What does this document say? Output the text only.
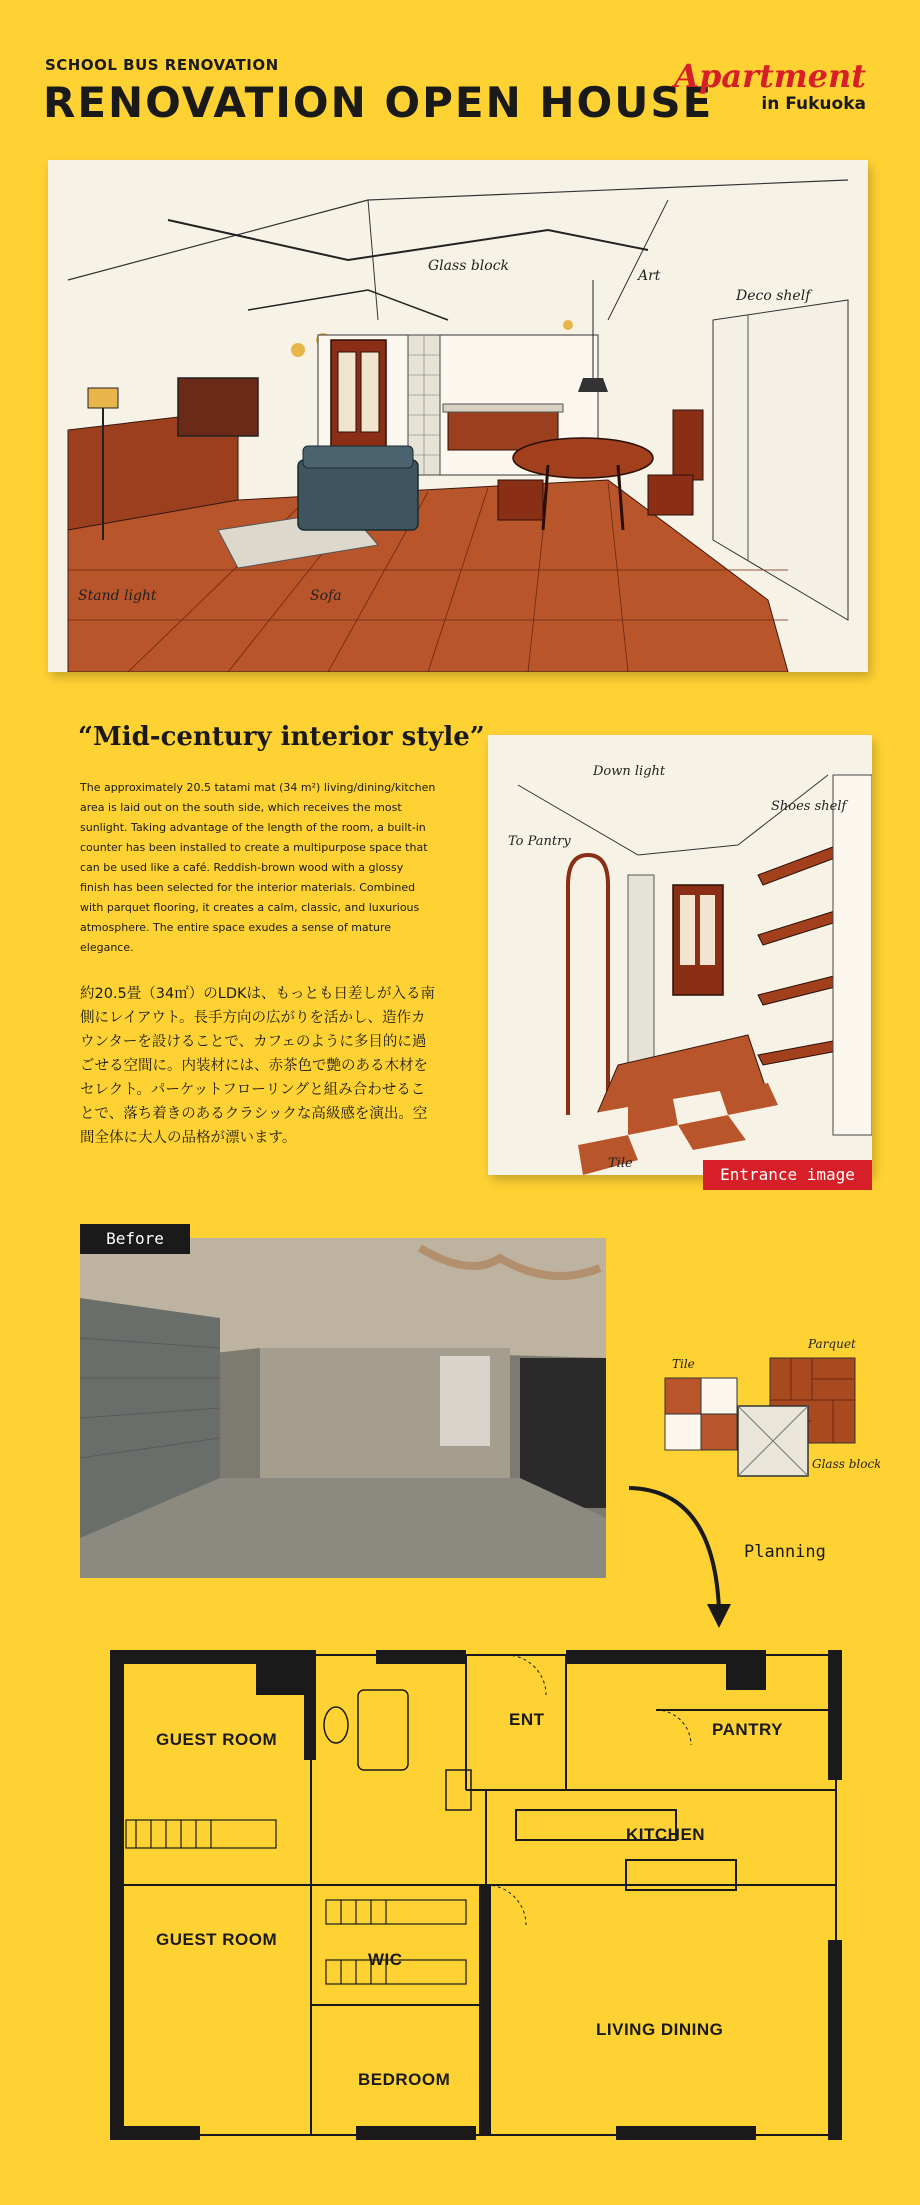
SCHOOL BUS RENOVATION
RENOVATION OPEN HOUSE
Apartment
in Fukuoka
Glass block
Art
Deco shelf
Stand light	Sofa
“Mid-century interior style”
The approximately 20.5 tatami mat (34 m²) living/dining/kitchen area is laid out on the south side, which receives the most sunlight. Taking advantage of the length of the room, a built-in counter has been installed to create a multipurpose space that can be used like a café. Reddish-brown wood with a glossy finish has been selected for the interior materials. Combined with parquet flooring, it creates a calm, classic, and luxurious atmosphere. The entire space exudes a sense of mature elegance.
約20.5畳（34㎡）のLDKは、もっとも日差しが入る南側にレイアウト。長手方向の広がりを活かし、造作カウンターを設けることで、カフェのように多目的に過ごせる空間に。内装材には、赤茶色で艶のある木材をセレクト。パーケットフローリングと組み合わせることで、落ち着きのあるクラシックな高級感を演出。空間全体に大人の品格が漂います。
Down light
To Pantry
Shoes shelf
Tile
Entrance image
Before
Tile
Parquet
Glass block
Planning
GUEST ROOM
GUEST ROOM
ENT
PANTRY
KITCHEN
WIC
LIVING DINING
BEDROOM
